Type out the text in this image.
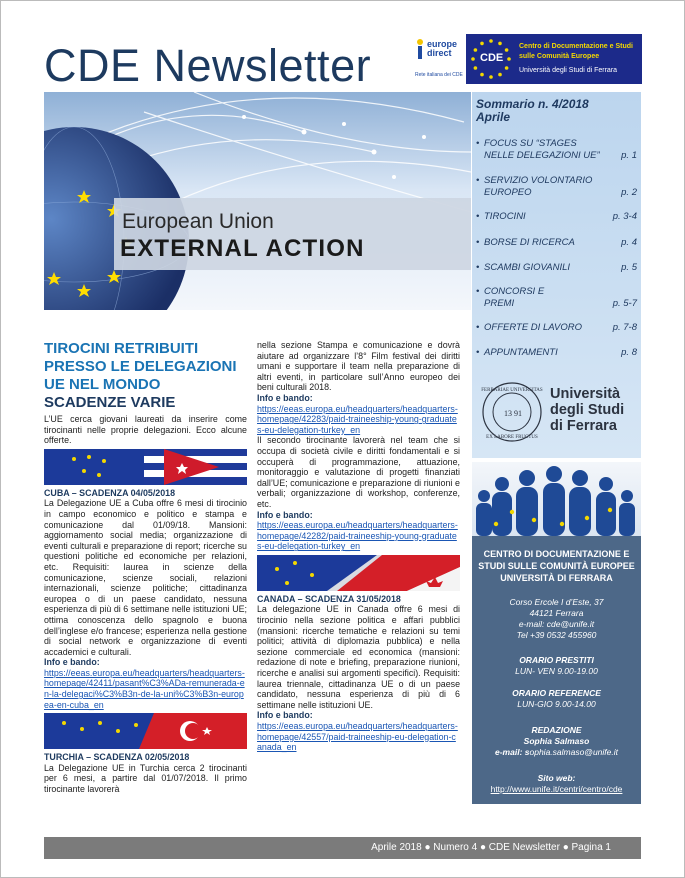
CDE Newsletter	europe
direct
Rete italiana dei CDE
CDE
Centro di Documentazione e Studi
sulle Comunità Europee
Università degli Studi di Ferrara
European Union
EXTERNAL ACTION
Sommario n. 4/2018
Aprile
• FOCUS SU “STAGES NELLE DELEGAZIONI UE”	p. 1
• SERVIZIO VOLONTARIO EUROPEO	p. 2
• TIROCINI	p. 3-4
• BORSE DI RICERCA	p. 4
• SCAMBI GIOVANILI	p. 5
• CONCORSI E PREMI	p. 5-7
• OFFERTE DI LAVORO	p. 7-8
• APPUNTAMENTI	p. 8
FERRARIAE UNIVERSITAS
EX LABORE FRUCTUS
13 91
Università
degli Studi
di Ferrara
CENTRO DI DOCUMENTAZIONE E STUDI SULLE COMUNITÀ EUROPEE UNIVERSITÀ DI FERRARA
Corso Ercole I d’Este, 37
44121 Ferrara
e-mail: cde@unife.it
Tel +39 0532 455960
ORARIO PRESTITI
LUN- VEN 9.00-19.00
ORARIO REFERENCE
LUN-GIO 9.00-14.00
REDAZIONE
Sophia Salmaso
e-mail: sophia.salmaso@unife.it
Sito web:
http://www.unife.it/centri/centro/cde
TIROCINI RETRIBUITI PRESSO LE DELEGAZIONI UE NEL MONDO SCADENZE VARIE
L’UE cerca giovani laureati da inserire come tirocinanti nelle proprie delegazioni. Ecco alcune offerte.
CUBA – SCADENZA 04/05/2018
La Delegazione UE a Cuba offre 6 mesi di tirocinio in campo economico e politico e stampa e comunicazione dal 01/09/18. Mansioni: aggiornamento social media; organizzazione di eventi culturali e preparazione di report; ricerche su questioni politiche ed economiche per relazioni, etc. Requisiti: laurea in scienze della comunicazione, scienze sociali, relazioni internazionali, scienze politiche; cittadinanza europea o di un paese candidato, nessuna esperienza di più di 6 settimane nelle istituzioni UE; ottima conoscenza dello spagnolo e buona dell’inglese e/o francese; esperienza nella gestione di social network e organizzazione di eventi accademici e culturali.
Info e bando:
https://eeas.europa.eu/headquarters/headquarters-homepage/42411/pasant%C3%ADa-remunerada-en-la-delegaci%C3%B3n-de-la-uni%C3%B3n-europea-en-cuba_en
TURCHIA – SCADENZA 02/05/2018
La Delegazione UE in Turchia cerca 2 tirocinanti per 6 mesi, a partire dal 01/07/2018. Il primo tirocinante lavorerà
nella sezione Stampa e comunicazione e dovrà aiutare ad organizzare l’8° Film festival dei diritti umani e supportare il team nella preparazione di altri eventi, in particolare sull’Anno europeo dei beni culturali 2018.
Info e bando:
https://eeas.europa.eu/headquarters/headquarters-homepage/42283/paid-traineeship-young-graduates-eu-delegation-turkey_en
Il secondo tirocinante lavorerà nel team che si occupa di società civile e diritti fondamentali e si occuperà di programmazione, attuazione, monitoraggio e valutazione di progetti finanziati dall’UE; comunicazione e preparazione di riunioni e verbali; organizzazione di workshop, conferenze, etc.
Info e bando:
https://eeas.europa.eu/headquarters/headquarters-homepage/42282/paid-traineeship-young-graduates-eu-delegation-turkey_en
CANADA – SCADENZA 31/05/2018
La delegazione UE in Canada offre 6 mesi di tirocinio nella sezione politica e affari pubblici (mansioni: ricerche tematiche e relazioni su temi politici; attività di diplomazia pubblica) e nella sezione commerciale ed economica (mansioni: redazione di note e briefing, preparazione riunioni, ricerche e analisi sui argomenti specifici). Requisiti: laurea triennale, cittadinanza UE o di un paese candidato, nessuna esperienza di più di 6 settimane nelle istituzioni UE.
Info e bando:
https://eeas.europa.eu/headquarters/headquarters-homepage/42557/paid-traineeship-eu-delegation-canada_en
Aprile 2018 ● Numero 4 ● CDE Newsletter ● Pagina 1
